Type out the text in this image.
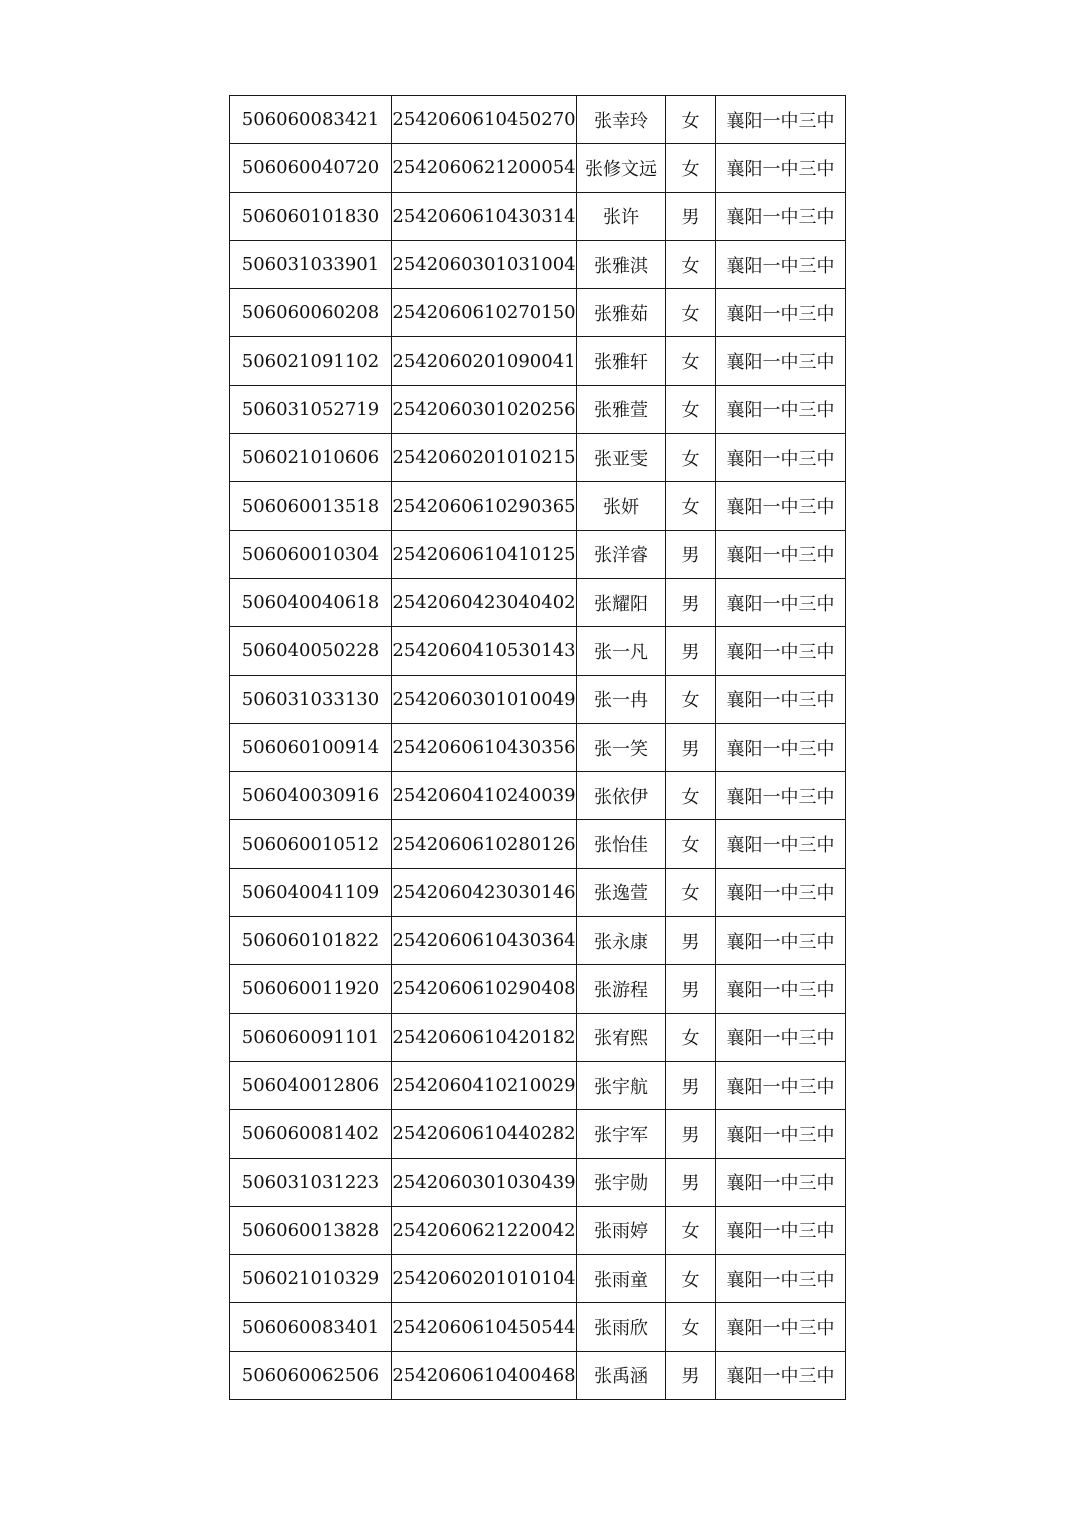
506060083421	2542060610450270	张幸玲	女	襄阳一中三中
506060040720	2542060621200054	张修文远	女	襄阳一中三中
506060101830	2542060610430314	张许	男	襄阳一中三中
506031033901	2542060301031004	张雅淇	女	襄阳一中三中
506060060208	2542060610270150	张雅茹	女	襄阳一中三中
506021091102	2542060201090041	张雅轩	女	襄阳一中三中
506031052719	2542060301020256	张雅萱	女	襄阳一中三中
506021010606	2542060201010215	张亚雯	女	襄阳一中三中
506060013518	2542060610290365	张妍	女	襄阳一中三中
506060010304	2542060610410125	张洋睿	男	襄阳一中三中
506040040618	2542060423040402	张耀阳	男	襄阳一中三中
506040050228	2542060410530143	张一凡	男	襄阳一中三中
506031033130	2542060301010049	张一冉	女	襄阳一中三中
506060100914	2542060610430356	张一笑	男	襄阳一中三中
506040030916	2542060410240039	张依伊	女	襄阳一中三中
506060010512	2542060610280126	张怡佳	女	襄阳一中三中
506040041109	2542060423030146	张逸萱	女	襄阳一中三中
506060101822	2542060610430364	张永康	男	襄阳一中三中
506060011920	2542060610290408	张游程	男	襄阳一中三中
506060091101	2542060610420182	张宥熙	女	襄阳一中三中
506040012806	2542060410210029	张宇航	男	襄阳一中三中
506060081402	2542060610440282	张宇军	男	襄阳一中三中
506031031223	2542060301030439	张宇勋	男	襄阳一中三中
506060013828	2542060621220042	张雨婷	女	襄阳一中三中
506021010329	2542060201010104	张雨童	女	襄阳一中三中
506060083401	2542060610450544	张雨欣	女	襄阳一中三中
506060062506	2542060610400468	张禹涵	男	襄阳一中三中
